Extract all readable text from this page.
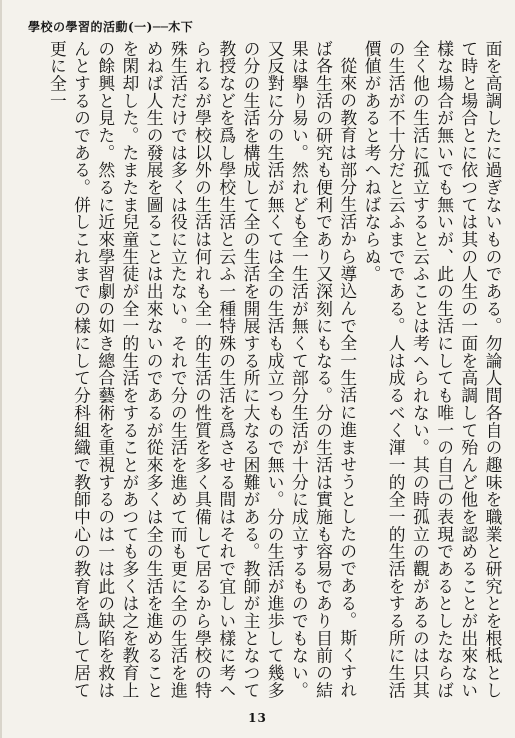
學校の學習的活動(一)──木下

面を高調したに過ぎないものである。勿論人間各自の趣味を職業と研究とを根柢として時と場合とに依つては其の人生の一面を高調して殆んど他を認めることが出來ない樣な場合が無いでも無いが、此の生活にしても唯一の自己の表現であるとしたならば全く他の生活に孤立すると云ふことは考へられない。其の時孤立の觀があるのは只其の生活が不十分だと云ふまでである。人は成るべく渾一的全一的生活をする所に生活價値があると考へねばならぬ。

從來の教育は部分生活から導込んで全一生活に進ませうとしたのである。斯くすれば各生活の研究も便利であり又深刻にもなる。分の生活は實施も容易であり目前の結果は擧り易い。然れども全一生活が無くて部分生活が十分に成立するものでもない。又反對に分の生活が無くては全の生活も成立つもので無い。分の生活が進歩して幾多の分の生活を構成して全の生活を開展する所に大なる困難がある。教師が主となつて教授などを爲し學校生活と云ふ一種特殊の生活を爲させる間はそれで宜しい樣に考へられるが學校以外の生活は何れも全一的生活の性質を多く具備して居るから學校の特殊生活だけでは多くは役に立たない。それで分の生活を進めて而も更に全の生活を進めねば人生の發展を圖ることは出來ないのであるが從來多くは全の生活を進めることを閑却した。たまたま兒童生徒が全一的生活をすることがあつても多くは之を教育上の餘興と見た。然るに近來學習劇の如き總合藝術を重視するのは一は此の缺陷を救はんとするのである。併しこれまでの樣にして分科組織で教師中心の教育を爲して居て更に全一

13
